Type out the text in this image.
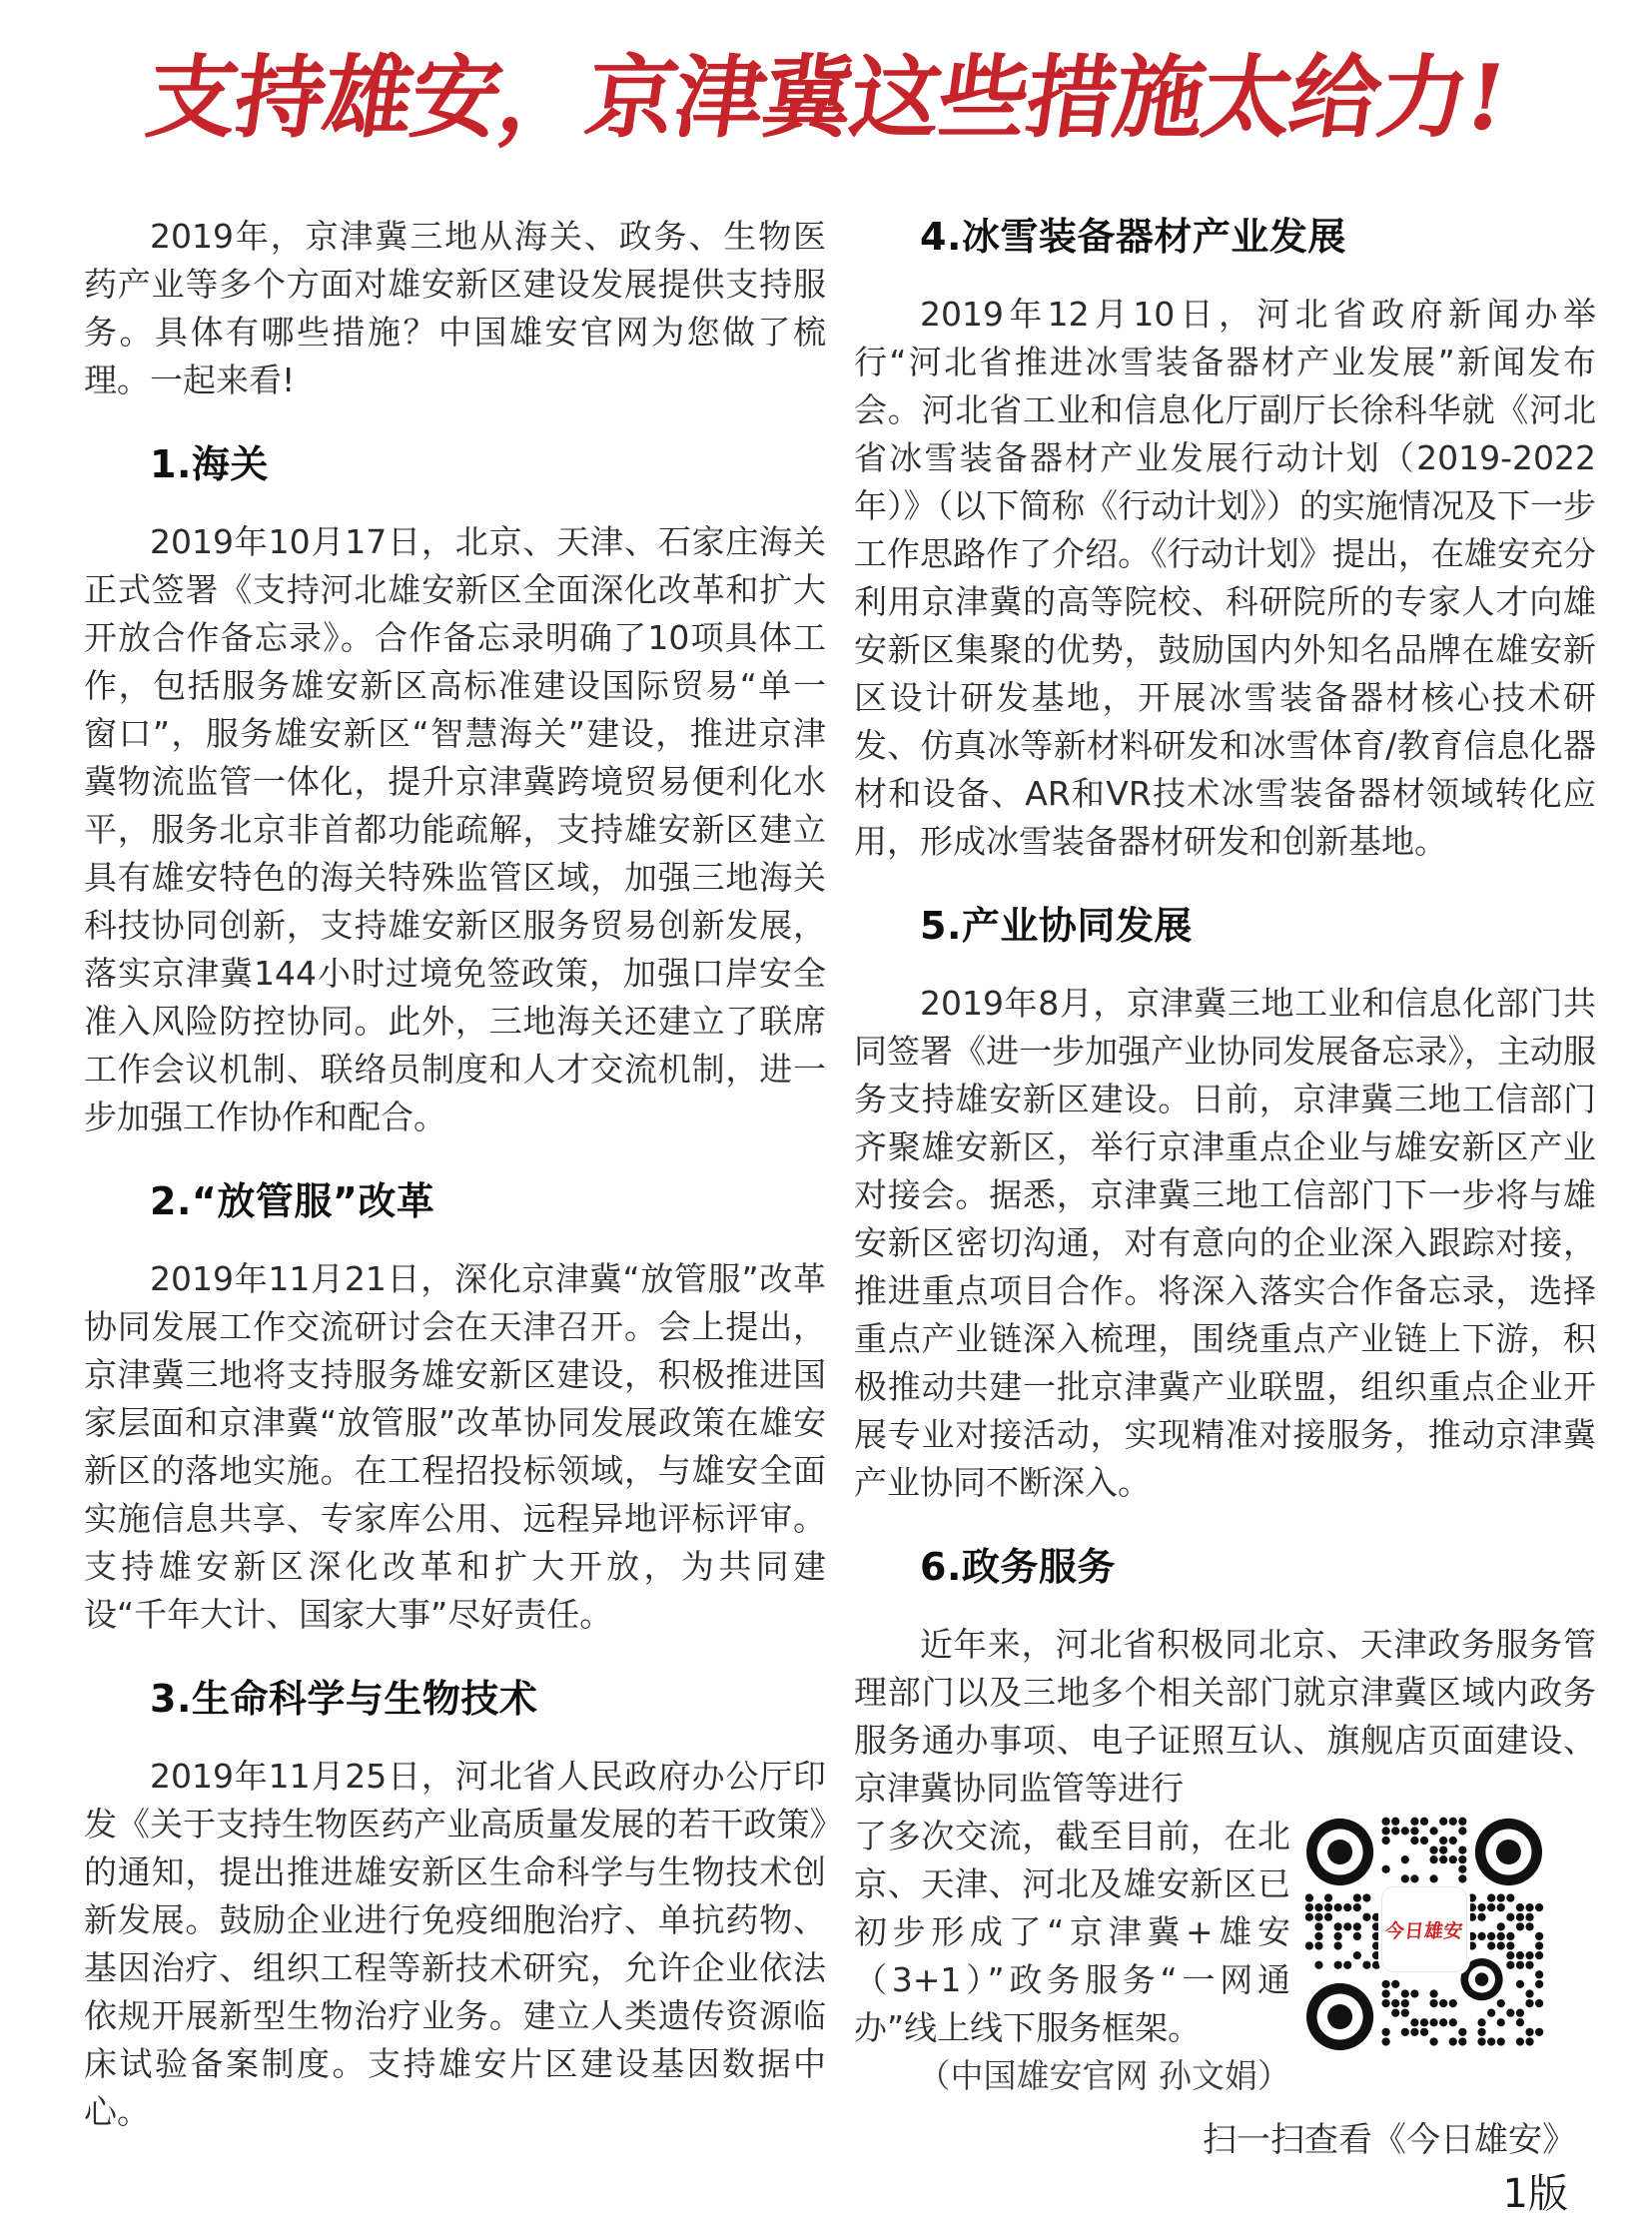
支持雄安，京津冀这些措施太给力!

2019年，京津冀三地从海关、政务、生物医药产业等多个方面对雄安新区建设发展提供支持服务。具体有哪些措施？中国雄安官网为您做了梳理。一起来看!

1.海关

2019年10月17日，北京、天津、石家庄海关正式签署《支持河北雄安新区全面深化改革和扩大开放合作备忘录》。合作备忘录明确了10项具体工作，包括服务雄安新区高标准建设国际贸易“单一窗口”，服务雄安新区“智慧海关”建设，推进京津冀物流监管一体化，提升京津冀跨境贸易便利化水平，服务北京非首都功能疏解，支持雄安新区建立具有雄安特色的海关特殊监管区域，加强三地海关科技协同创新，支持雄安新区服务贸易创新发展，落实京津冀144小时过境免签政策，加强口岸安全准入风险防控协同。此外，三地海关还建立了联席工作会议机制、联络员制度和人才交流机制，进一步加强工作协作和配合。

2.“放管服”改革

2019年11月21日，深化京津冀“放管服”改革协同发展工作交流研讨会在天津召开。会上提出，京津冀三地将支持服务雄安新区建设，积极推进国家层面和京津冀“放管服”改革协同发展政策在雄安新区的落地实施。在工程招投标领域，与雄安全面实施信息共享、专家库公用、远程异地评标评审。支持雄安新区深化改革和扩大开放，为共同建设“千年大计、国家大事”尽好责任。

3.生命科学与生物技术

2019年11月25日，河北省人民政府办公厅印发《关于支持生物医药产业高质量发展的若干政策》的通知，提出推进雄安新区生命科学与生物技术创新发展。鼓励企业进行免疫细胞治疗、单抗药物、基因治疗、组织工程等新技术研究，允许企业依法依规开展新型生物治疗业务。建立人类遗传资源临床试验备案制度。支持雄安片区建设基因数据中心。

4.冰雪装备器材产业发展

2019年12月10日，河北省政府新闻办举行“河北省推进冰雪装备器材产业发展”新闻发布会。河北省工业和信息化厅副厅长徐科华就《河北省冰雪装备器材产业发展行动计划（2019-2022年）》（以下简称《行动计划》）的实施情况及下一步工作思路作了介绍。《行动计划》提出，在雄安充分利用京津冀的高等院校、科研院所的专家人才向雄安新区集聚的优势，鼓励国内外知名品牌在雄安新区设计研发基地，开展冰雪装备器材核心技术研发、仿真冰等新材料研发和冰雪体育/教育信息化器材和设备、AR和VR技术冰雪装备器材领域转化应用，形成冰雪装备器材研发和创新基地。

5.产业协同发展

2019年8月，京津冀三地工业和信息化部门共同签署《进一步加强产业协同发展备忘录》，主动服务支持雄安新区建设。日前，京津冀三地工信部门齐聚雄安新区，举行京津重点企业与雄安新区产业对接会。据悉，京津冀三地工信部门下一步将与雄安新区密切沟通，对有意向的企业深入跟踪对接，推进重点项目合作。将深入落实合作备忘录，选择重点产业链深入梳理，围绕重点产业链上下游，积极推动共建一批京津冀产业联盟，组织重点企业开展专业对接活动，实现精准对接服务，推动京津冀产业协同不断深入。

6.政务服务

近年来，河北省积极同北京、天津政务服务管理部门以及三地多个相关部门就京津冀区域内政务服务通办事项、电子证照互认、旗舰店页面建设、京津冀协同监管等进行

今日雄安

了多次交流，截至目前，在北京、天津、河北及雄安新区已初步形成了“京津冀+雄安（3+1）”政务服务“一网通办”线上线下服务框架。

（中国雄安官网 孙文娟）

扫一扫查看《今日雄安》

1版
